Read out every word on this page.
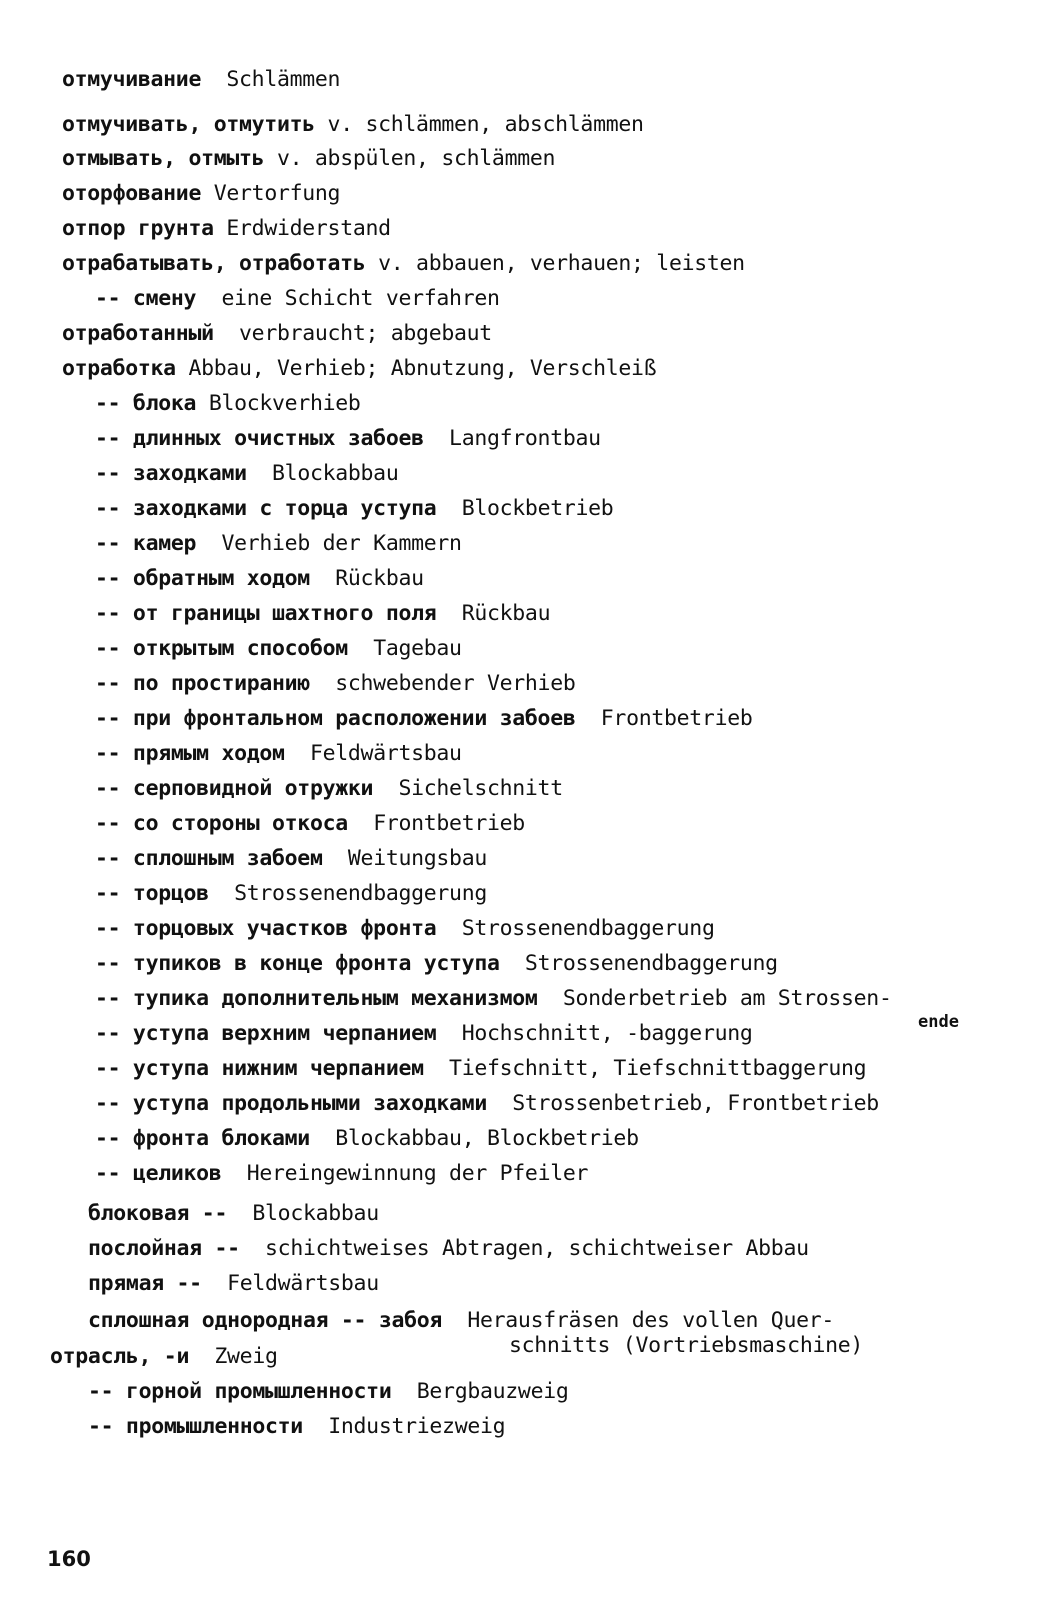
отмучивание Schlämmen
отмучивать, отмутить v. schlämmen, abschlämmen
отмывать, отмыть v. abspülen, schlämmen
оторфование Vertorfung
отпор грунта Erdwiderstand
отрабатывать, отработать v. abbauen, verhauen; leisten
-- смену eine Schicht verfahren
отработанный verbraucht; abgebaut
отработка Abbau, Verhieb; Abnutzung, Verschleiß
-- блока Blockverhieb
-- длинных очистных забоев Langfrontbau
-- заходками Blockabbau
-- заходками с торца уступа Blockbetrieb
-- камер Verhieb der Kammern
-- обратным ходом Rückbau
-- от границы шахтного поля Rückbau
-- открытым способом Tagebau
-- по простиранию schwebender Verhieb
-- при фронтальном расположении забоев Frontbetrieb
-- прямым ходом Feldwärtsbau
-- серповидной отружки Sichelschnitt
-- со стороны откоса Frontbetrieb
-- сплошным забоем Weitungsbau
-- торцов Strossenendbaggerung
-- торцовых участков фронта Strossenendbaggerung
-- тупиков в конце фронта уступа Strossenendbaggerung
-- тупика дополнительным механизмом Sonderbetrieb am Strossen-
ende
-- уступа верхним черпанием Hochschnitt, -baggerung
-- уступа нижним черпанием Tiefschnitt, Tiefschnittbaggerung
-- уступа продольными заходками Strossenbetrieb, Frontbetrieb
-- фронта блоками Blockabbau, Blockbetrieb
-- целиков Hereingewinnung der Pfeiler
блоковая -- Blockabbau
послойная -- schichtweises Abtragen, schichtweiser Abbau
прямая -- Feldwärtsbau
сплошная однородная -- забоя Herausfräsen des vollen Quer-
schnitts (Vortriebsmaschine)
отрасль, -и Zweig
-- горной промышленности Bergbauzweig
-- промышленности Industriezweig
160
